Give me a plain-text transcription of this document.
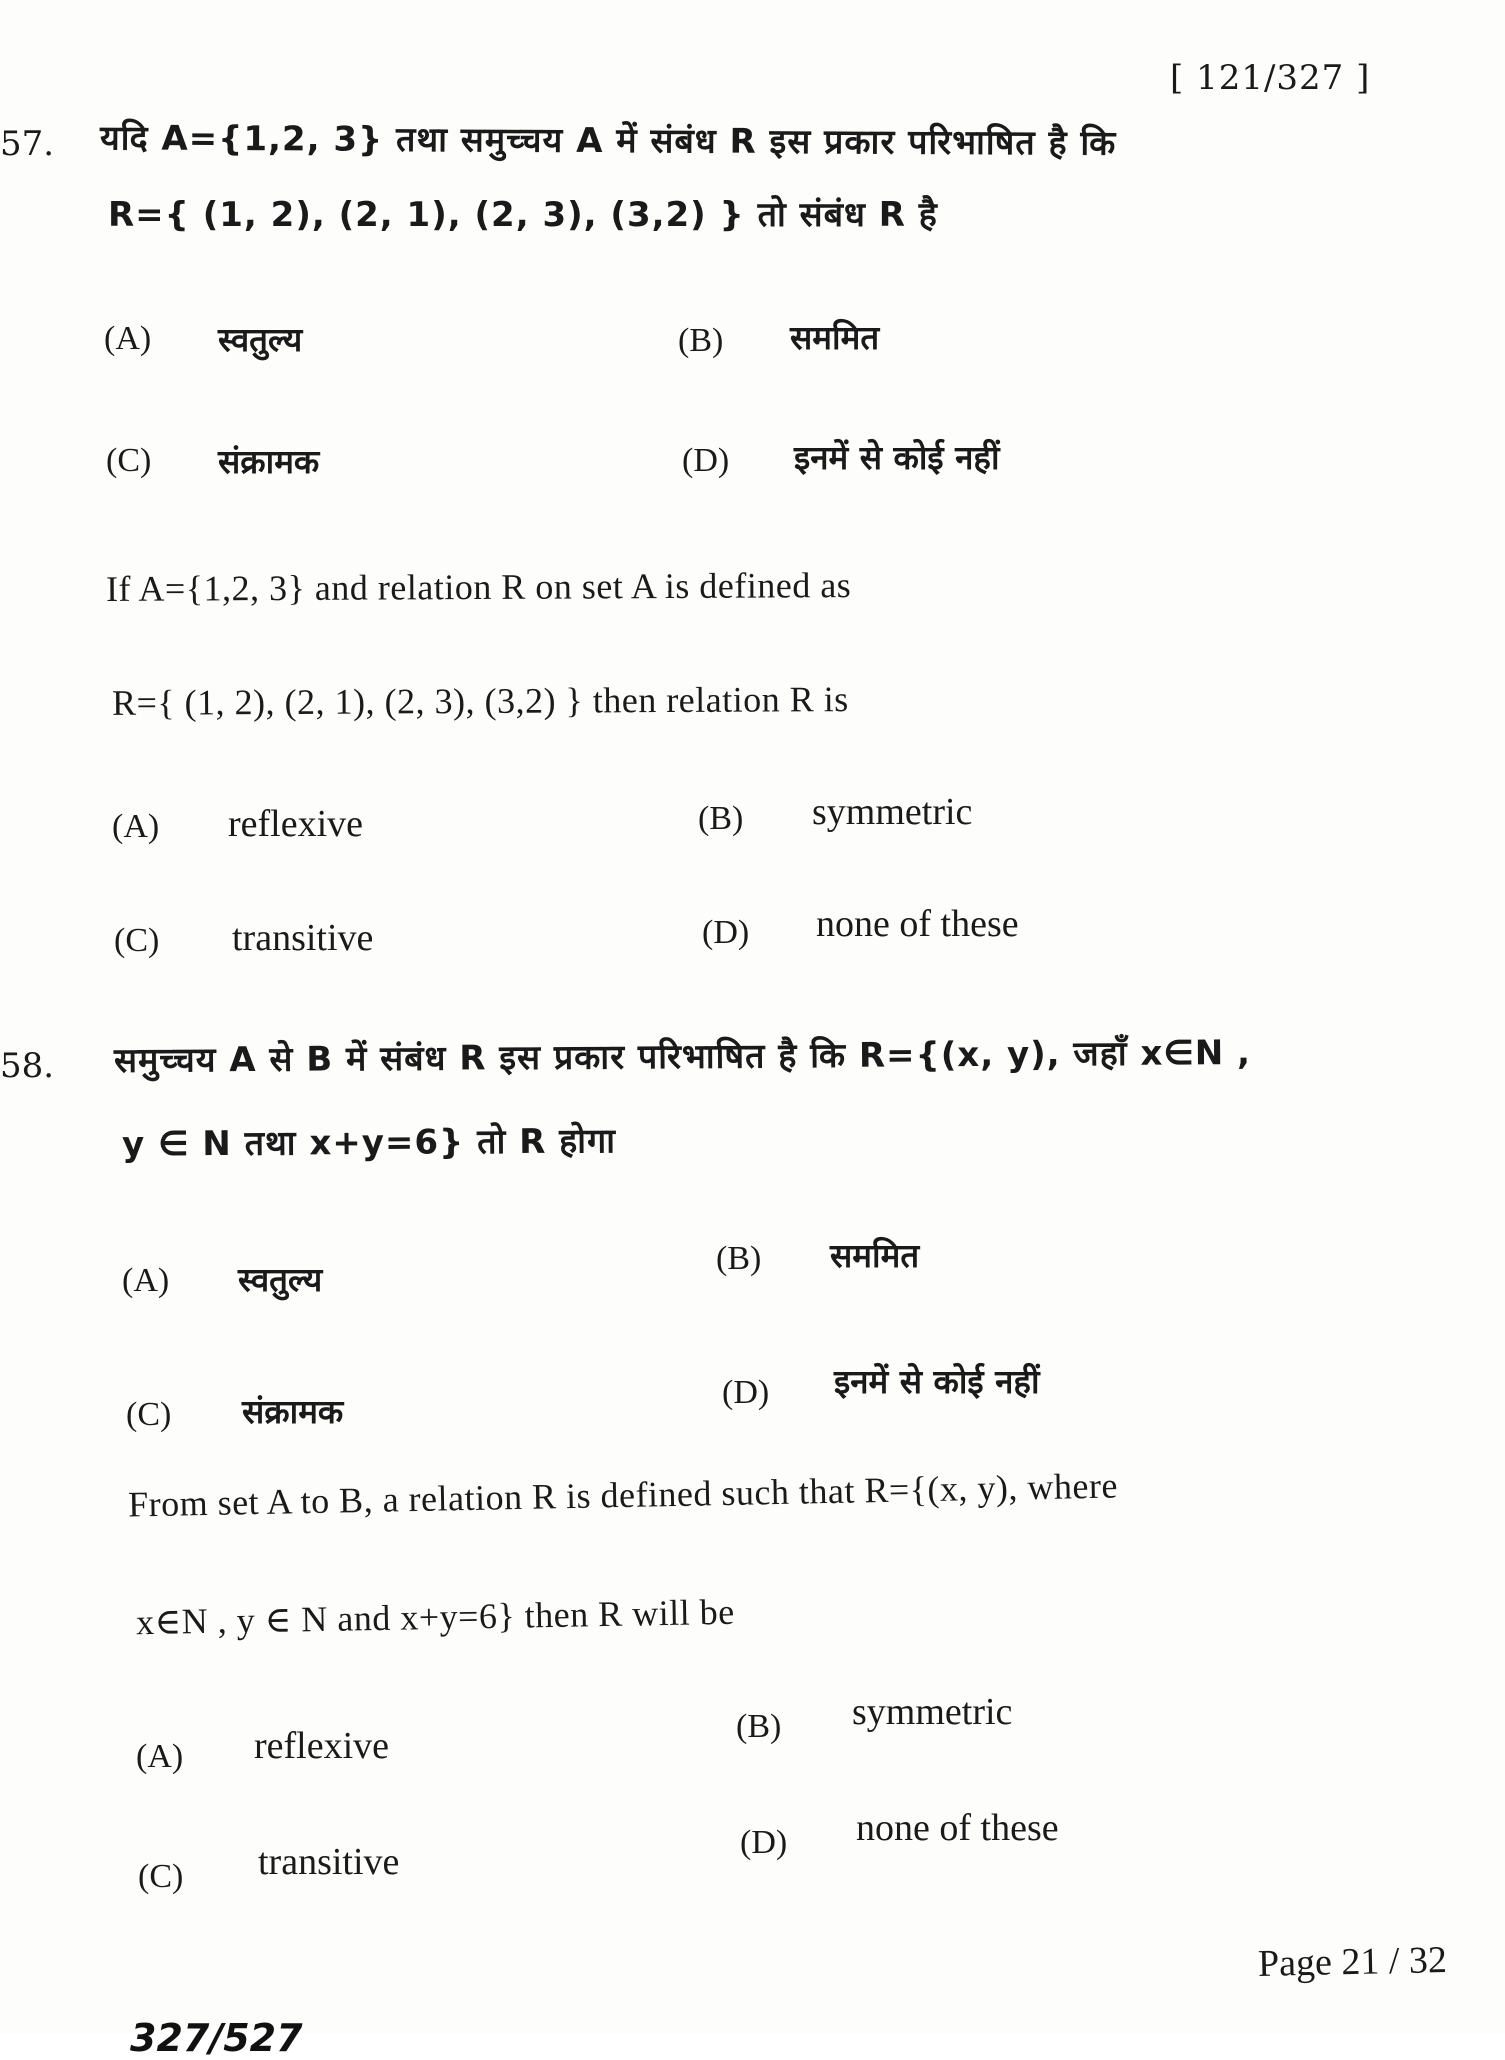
[ 121/327 ]
57. यदि A={1,2, 3} तथा समुच्चय A में संबंध R इस प्रकार परिभाषित है कि
R={ (1, 2), (2, 1), (2, 3), (3,2) } तो संबंध R है
(A) स्वतुल्य	(B) सममित
(C) संक्रामक	(D) इनमें से कोई नहीं
If A={1,2, 3} and relation R on set A is defined as
R={ (1, 2), (2, 1), (2, 3), (3,2) } then relation R is
(A) reflexive	(B) symmetric
(C) transitive	(D) none of these
58. समुच्चय A से B में संबंध R इस प्रकार परिभाषित है कि R={(x, y), जहाँ x∈N ,
y ∈ N तथा x+y=6} तो R होगा
(A) स्वतुल्य
(B) सममित
(C) संक्रामक	(D) इनमें से कोई नहीं
From set A to B, a relation R is defined such that R={(x, y), where
x∈N , y ∈ N and x+y=6} then R will be
(A) reflexive	(B) symmetric
(C) transitive	(D) none of these
Page 21 / 32
327/527
